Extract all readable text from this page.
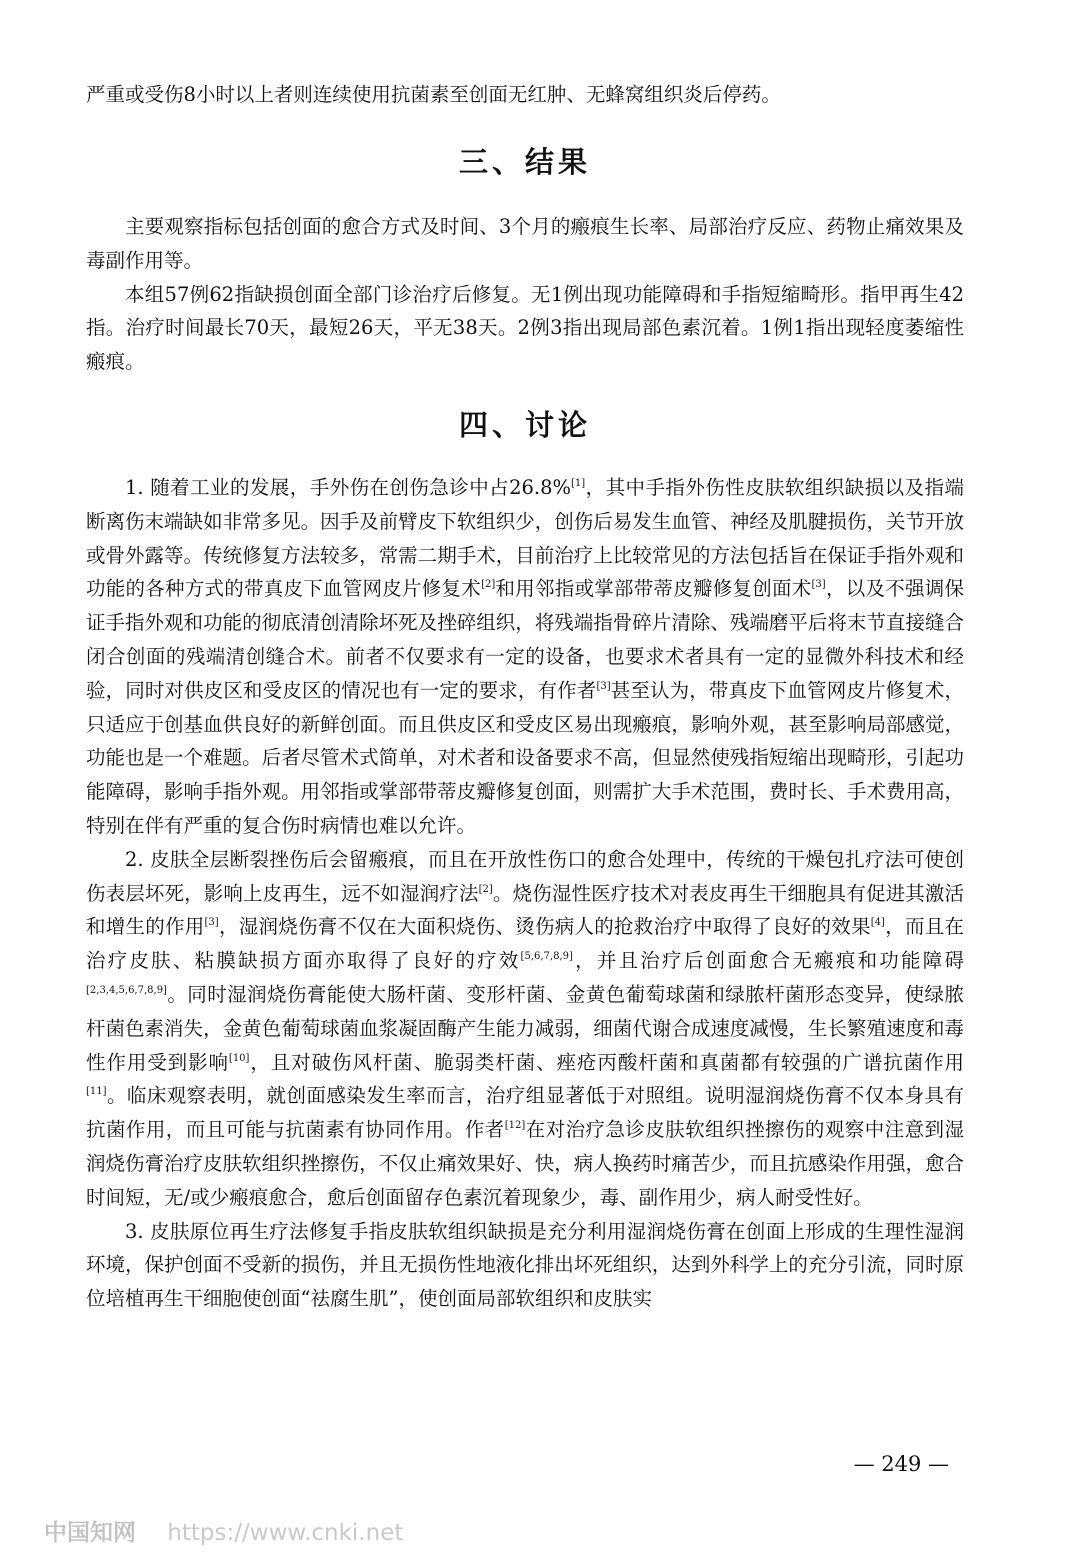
严重或受伤8小时以上者则连续使用抗菌素至创面无红肿、无蜂窝组织炎后停药。

三、结果

主要观察指标包括创面的愈合方式及时间、3个月的瘢痕生长率、局部治疗反应、药物止痛效果及毒副作用等。

本组57例62指缺损创面全部门诊治疗后修复。无1例出现功能障碍和手指短缩畸形。指甲再生42指。治疗时间最长70天，最短26天，平无38天。2例3指出现局部色素沉着。1例1指出现轻度萎缩性瘢痕。

四、讨论

1. 随着工业的发展，手外伤在创伤急诊中占26.8%[1]，其中手指外伤性皮肤软组织缺损以及指端断离伤末端缺如非常多见。因手及前臂皮下软组织少，创伤后易发生血管、神经及肌腱损伤，关节开放或骨外露等。传统修复方法较多，常需二期手术，目前治疗上比较常见的方法包括旨在保证手指外观和功能的各种方式的带真皮下血管网皮片修复术[2]和用邻指或掌部带蒂皮瓣修复创面术[3]，以及不强调保证手指外观和功能的彻底清创清除坏死及挫碎组织，将残端指骨碎片清除、残端磨平后将末节直接缝合闭合创面的残端清创缝合术。前者不仅要求有一定的设备，也要求术者具有一定的显微外科技术和经验，同时对供皮区和受皮区的情况也有一定的要求，有作者[3]甚至认为，带真皮下血管网皮片修复术，只适应于创基血供良好的新鲜创面。而且供皮区和受皮区易出现瘢痕，影响外观，甚至影响局部感觉，功能也是一个难题。后者尽管术式简单，对术者和设备要求不高，但显然使残指短缩出现畸形，引起功能障碍，影响手指外观。用邻指或掌部带蒂皮瓣修复创面，则需扩大手术范围，费时长、手术费用高，特别在伴有严重的复合伤时病情也难以允许。

2. 皮肤全层断裂挫伤后会留瘢痕，而且在开放性伤口的愈合处理中，传统的干燥包扎疗法可使创伤表层坏死，影响上皮再生，远不如湿润疗法[2]。烧伤湿性医疗技术对表皮再生干细胞具有促进其激活和增生的作用[3]，湿润烧伤膏不仅在大面积烧伤、烫伤病人的抢救治疗中取得了良好的效果[4]，而且在治疗皮肤、粘膜缺损方面亦取得了良好的疗效[5,6,7,8,9]，并且治疗后创面愈合无瘢痕和功能障碍[2,3,4,5,6,7,8,9]。同时湿润烧伤膏能使大肠杆菌、变形杆菌、金黄色葡萄球菌和绿脓杆菌形态变异，使绿脓杆菌色素消失，金黄色葡萄球菌血浆凝固酶产生能力减弱，细菌代谢合成速度减慢，生长繁殖速度和毒性作用受到影响[10]，且对破伤风杆菌、脆弱类杆菌、痤疮丙酸杆菌和真菌都有较强的广谱抗菌作用[11]。临床观察表明，就创面感染发生率而言，治疗组显著低于对照组。说明湿润烧伤膏不仅本身具有抗菌作用，而且可能与抗菌素有协同作用。作者[12]在对治疗急诊皮肤软组织挫擦伤的观察中注意到湿润烧伤膏治疗皮肤软组织挫擦伤，不仅止痛效果好、快，病人换药时痛苦少，而且抗感染作用强，愈合时间短，无/或少瘢痕愈合，愈后创面留存色素沉着现象少，毒、副作用少，病人耐受性好。

3. 皮肤原位再生疗法修复手指皮肤软组织缺损是充分利用湿润烧伤膏在创面上形成的生理性湿润环境，保护创面不受新的损伤，并且无损伤性地液化排出坏死组织，达到外科学上的充分引流，同时原位培植再生干细胞使创面“祛腐生肌”，使创面局部软组织和皮肤实

— 249 —
中国知网 https://www.cnki.net
